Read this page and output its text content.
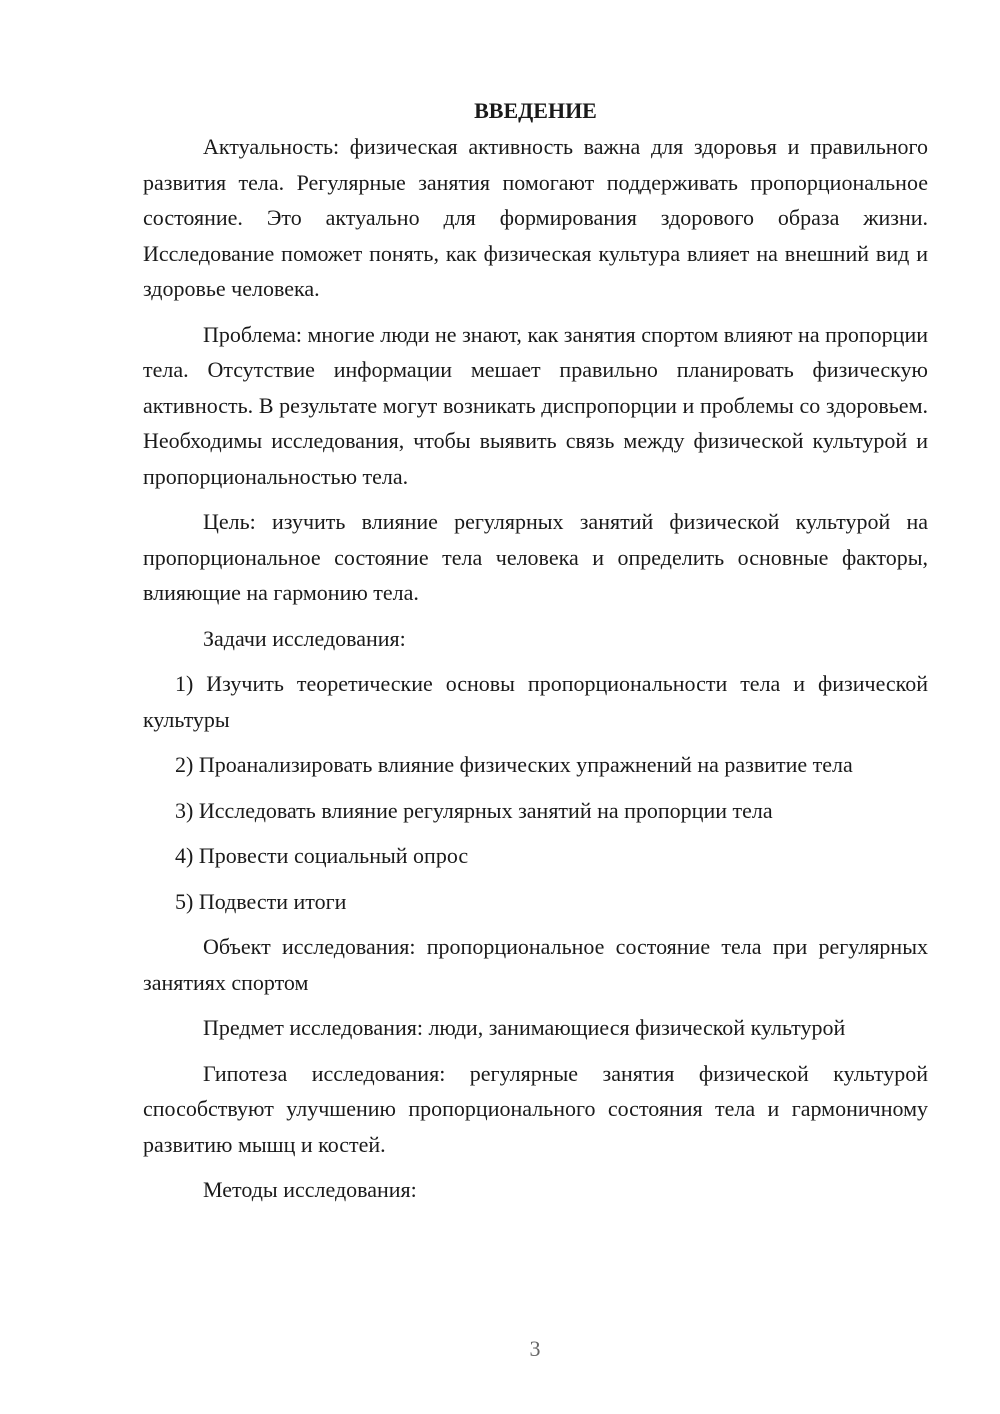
ВВЕДЕНИЕ

Актуальность: физическая активность важна для здоровья и правильного развития тела. Регулярные занятия помогают поддерживать пропорциональное состояние. Это актуально для формирования здорового образа жизни. Исследование поможет понять, как физическая культура влияет на внешний вид и здоровье человека.

Проблема: многие люди не знают, как занятия спортом влияют на пропорции тела. Отсутствие информации мешает правильно планировать физическую активность. В результате могут возникать диспропорции и проблемы со здоровьем. Необходимы исследования, чтобы выявить связь между физической культурой и пропорциональностью тела.

Цель: изучить влияние регулярных занятий физической культурой на пропорциональное состояние тела человека и определить основные факторы, влияющие на гармонию тела.

Задачи исследования:

1) Изучить теоретические основы пропорциональности тела и физической культуры

2) Проанализировать влияние физических упражнений на развитие тела

3) Исследовать влияние регулярных занятий на пропорции тела

4) Провести социальный опрос

5) Подвести итоги

Объект исследования: пропорциональное состояние тела при регулярных занятиях спортом

Предмет исследования: люди, занимающиеся физической культурой

Гипотеза исследования: регулярные занятия физической культурой способствуют улучшению пропорционального состояния тела и гармоничному развитию мышц и костей.

Методы исследования:

3
